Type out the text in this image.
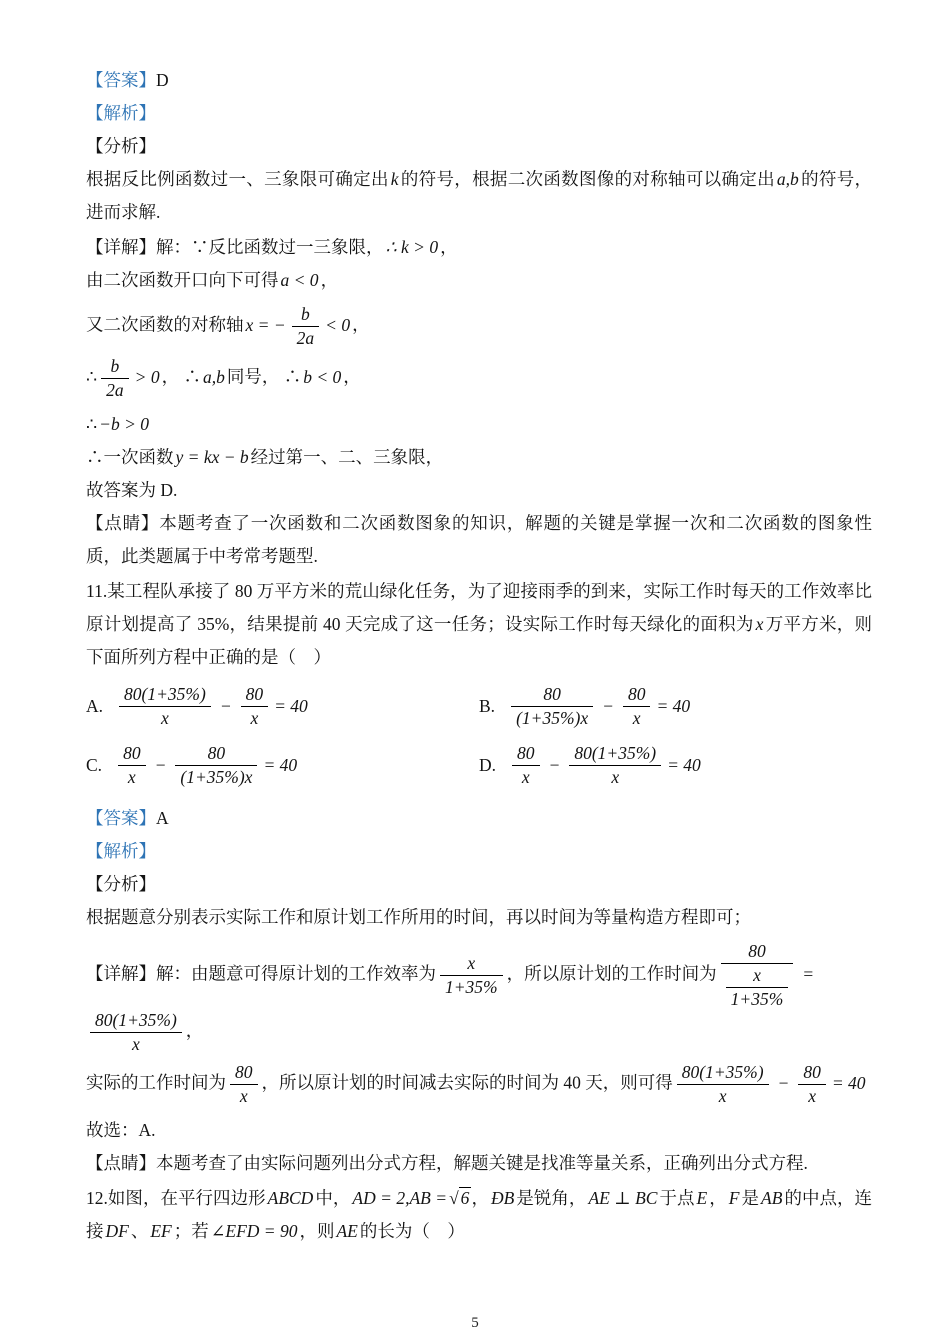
【答案】D

【解析】

【分析】

根据反比例函数过一、三象限可确定出 k 的符号，根据二次函数图像的对称轴可以确定出 a,b 的符号，进而求解.

【详解】解：∵反比函数过一三象限， ∴ k > 0 ，

由二次函数开口向下可得 a < 0 ，

又二次函数的对称轴 x = − $\frac{b}{2a} < 0$ ，

∴ $\frac{b}{2a} > 0$ ， ∴ a,b 同号， ∴ b < 0 ，

∴ −b > 0

∴一次函数 y = kx − b 经过第一、二、三象限，

故答案为 D.

【点睛】本题考查了一次函数和二次函数图象的知识，解题的关键是掌握一次和二次函数的图象性质，此类题属于中考常考题型.

11.某工程队承接了 80 万平方米的荒山绿化任务，为了迎接雨季的到来，实际工作时每天的工作效率比原计划提高了 35%，结果提前 40 天完成了这一任务；设实际工作时每天绿化的面积为 x 万平方米，则下面所列方程中正确的是（　）

A. $\frac{80(1+35\%)}{x} - \frac{80}{x} = 40$	B. $\frac{80}{(1+35\%)x} - \frac{80}{x} = 40$
C. $\frac{80}{x} - \frac{80}{(1+35\%)x} = 40$	D. $\frac{80}{x} - \frac{80(1+35\%)}{x} = 40$

【答案】A

【解析】

【分析】

根据题意分别表示实际工作和原计划工作所用的时间，再以时间为等量构造方程即可；

【详解】解：由题意可得原计划的工作效率为 $\frac{x}{1+35\%}$ ，所以原计划的工作时间为 $\frac{80}{\frac{x}{1+35\%}}$ =
$\frac{80(1+35\%)}{x}$ ，

实际的工作时间为 $\frac{80}{x}$ ，所以原计划的时间减去实际的时间为 40 天，则可得 $\frac{80(1+35\%)}{x} - \frac{80}{x} = 40$

故选：A.

【点睛】本题考查了由实际问题列出分式方程，解题关键是找准等量关系，正确列出分式方程.

12.如图，在平行四边形 ABCD 中， AD = 2,AB = √ 6 ， ÐB 是锐角， AE ⊥ BC 于点 E ， F 是 AB 的中点，连接 DF 、 EF ；若 ∠EFD = 90 ，则 AE 的长为（　）

5
